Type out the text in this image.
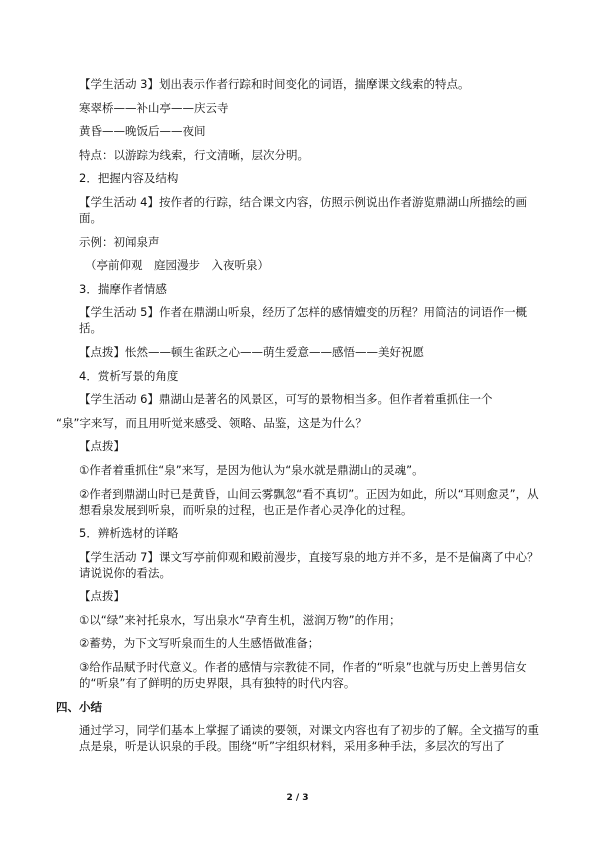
【学生活动 3】划出表示作者行踪和时间变化的词语，揣摩课文线索的特点。

寒翠桥——补山亭——庆云寺

黄昏——晚饭后——夜间

特点：以游踪为线索，行文清晰，层次分明。

2．把握内容及结构

【学生活动 4】按作者的行踪，结合课文内容，仿照示例说出作者游览鼎湖山所描绘的画面。

示例：初闻泉声

（亭前仰观　庭园漫步　入夜听泉）

3．揣摩作者情感

【学生活动 5】作者在鼎湖山听泉，经历了怎样的感情嬗变的历程？用简洁的词语作一概括。

【点拨】怅然——顿生雀跃之心——萌生爱意——感悟——美好祝愿

4．赏析写景的角度

【学生活动 6】鼎湖山是著名的风景区，可写的景物相当多。但作者着重抓住一个

“泉”字来写，而且用听觉来感受、领略、品鉴，这是为什么？

【点拨】

①作者着重抓住“泉”来写，是因为他认为“泉水就是鼎湖山的灵魂”。

②作者到鼎湖山时已是黄昏，山间云雾飘忽“看不真切”。正因为如此，所以“耳则愈灵”，从想看泉发展到听泉，而听泉的过程，也正是作者心灵净化的过程。

5．辨析选材的详略

【学生活动 7】课文写亭前仰观和殿前漫步，直接写泉的地方并不多，是不是偏离了中心？请说说你的看法。

【点拨】

①以“绿”来衬托泉水，写出泉水“孕育生机，滋润万物”的作用；

②蓄势，为下文写听泉而生的人生感悟做准备；

③给作品赋予时代意义。作者的感情与宗教徒不同，作者的“听泉”也就与历史上善男信女的“听泉”有了鲜明的历史界限，具有独特的时代内容。

四、小结

通过学习，同学们基本上掌握了诵读的要领，对课文内容也有了初步的了解。全文描写的重点是泉，听是认识泉的手段。围绕“听”字组织材料，采用多种手法，多层次的写出了

2 / 3
